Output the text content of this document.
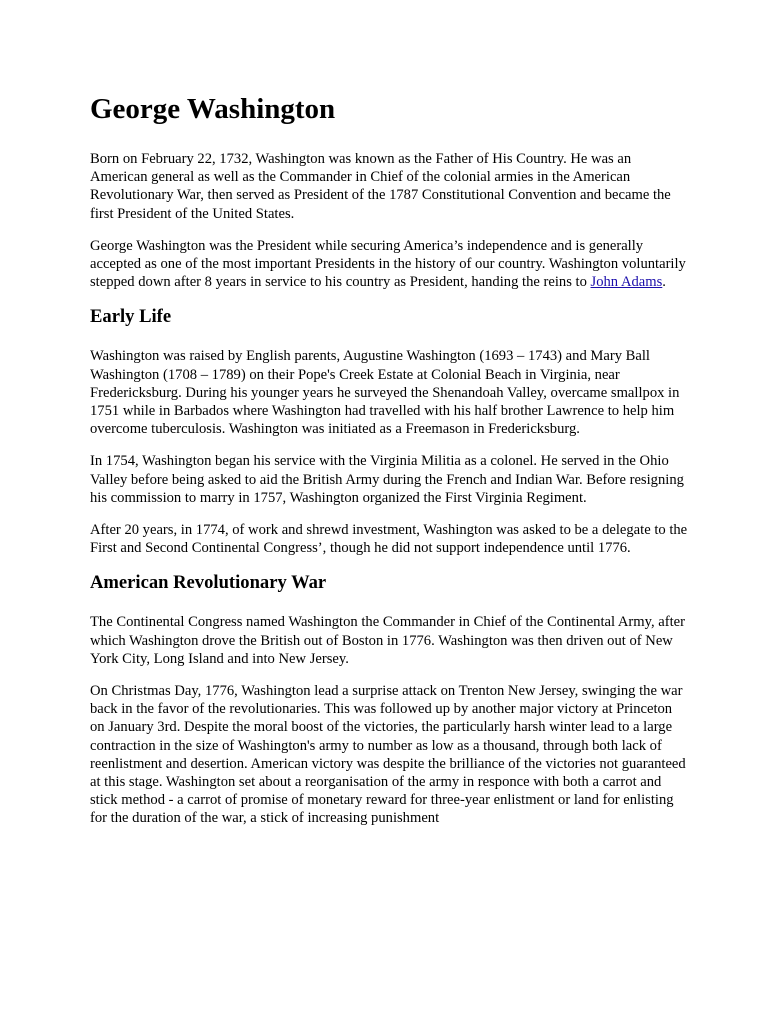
George Washington

Born on February 22, 1732, Washington was known as the Father of His Country. He was an American general as well as the Commander in Chief of the colonial armies in the American Revolutionary War, then served as President of the 1787 Constitutional Convention and became the first President of the United States.

George Washington was the President while securing America’s independence and is generally accepted as one of the most important Presidents in the history of our country. Washington voluntarily stepped down after 8 years in service to his country as President, handing the reins to John Adams.

Early Life

Washington was raised by English parents, Augustine Washington (1693 – 1743) and Mary Ball Washington (1708 – 1789) on their Pope's Creek Estate at Colonial Beach in Virginia, near Fredericksburg. During his younger years he surveyed the Shenandoah Valley, overcame smallpox in 1751 while in Barbados where Washington had travelled with his half brother Lawrence to help him overcome tuberculosis. Washington was initiated as a Freemason in Fredericksburg.

In 1754, Washington began his service with the Virginia Militia as a colonel. He served in the Ohio Valley before being asked to aid the British Army during the French and Indian War. Before resigning his commission to marry in 1757, Washington organized the First Virginia Regiment.

After 20 years, in 1774, of work and shrewd investment, Washington was asked to be a delegate to the First and Second Continental Congress’, though he did not support independence until 1776.

American Revolutionary War

The Continental Congress named Washington the Commander in Chief of the Continental Army, after which Washington drove the British out of Boston in 1776. Washington was then driven out of New York City, Long Island and into New Jersey.

On Christmas Day, 1776, Washington lead a surprise attack on Trenton New Jersey, swinging the war back in the favor of the revolutionaries. This was followed up by another major victory at Princeton on January 3rd. Despite the moral boost of the victories, the particularly harsh winter lead to a large contraction in the size of Washington's army to number as low as a thousand, through both lack of reenlistment and desertion. American victory was despite the brilliance of the victories not guaranteed at this stage. Washington set about a reorganisation of the army in responce with both a carrot and stick method - a carrot of promise of monetary reward for three-year enlistment or land for enlisting for the duration of the war, a stick of increasing punishment
